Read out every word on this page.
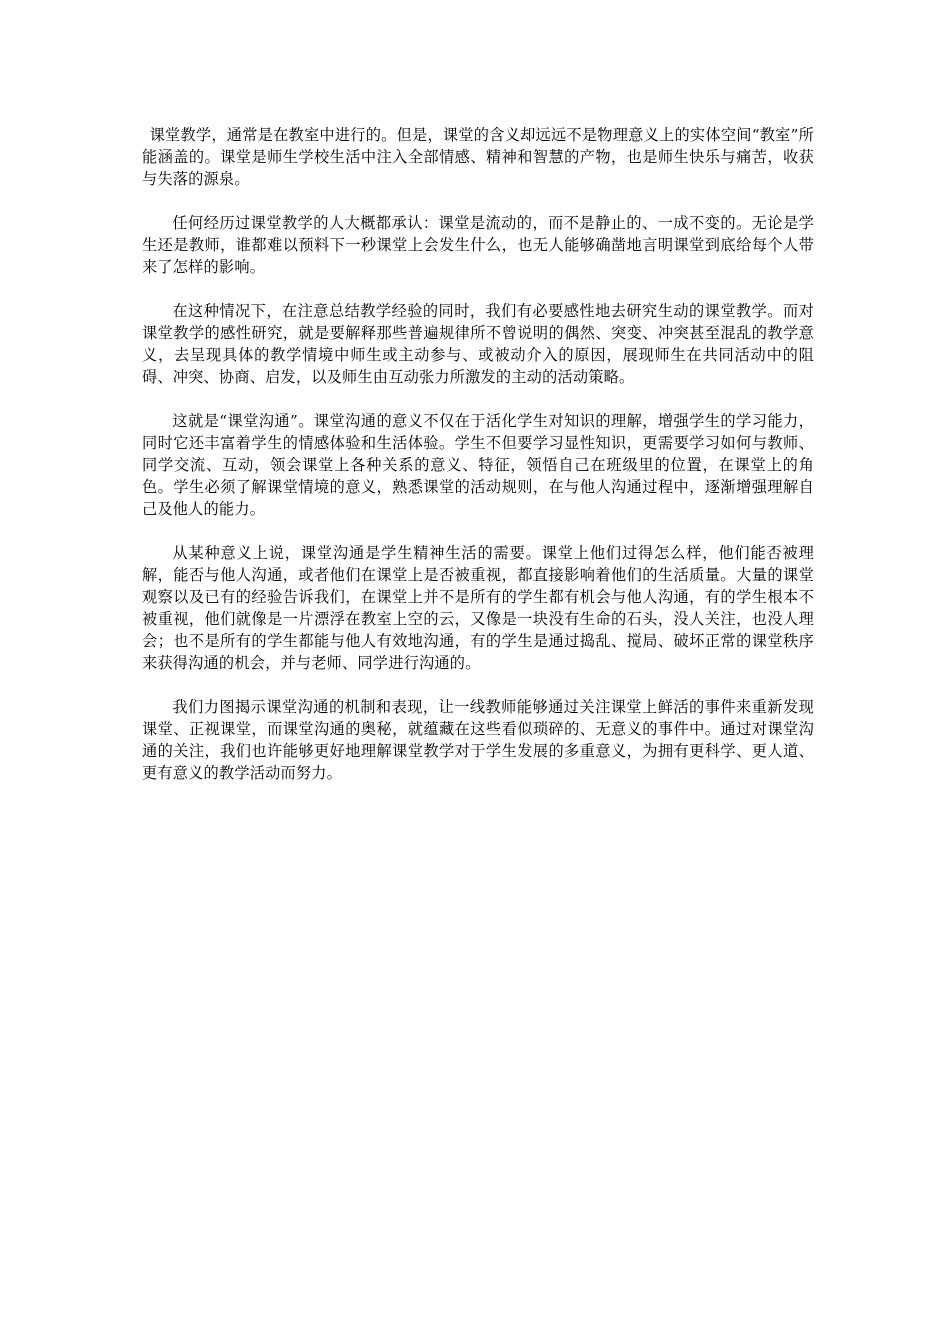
课堂教学，通常是在教室中进行的。但是，课堂的含义却远远不是物理意义上的实体空间“教室”所能涵盖的。课堂是师生学校生活中注入全部情感、精神和智慧的产物，也是师生快乐与痛苦，收获与失落的源泉。

任何经历过课堂教学的人大概都承认：课堂是流动的，而不是静止的、一成不变的。无论是学生还是教师，谁都难以预料下一秒课堂上会发生什么，也无人能够确凿地言明课堂到底给每个人带来了怎样的影响。

在这种情况下，在注意总结教学经验的同时，我们有必要感性地去研究生动的课堂教学。而对课堂教学的感性研究，就是要解释那些普遍规律所不曾说明的偶然、突变、冲突甚至混乱的教学意义，去呈现具体的教学情境中师生或主动参与、或被动介入的原因，展现师生在共同活动中的阻碍、冲突、协商、启发，以及师生由互动张力所激发的主动的活动策略。

这就是“课堂沟通”。课堂沟通的意义不仅在于活化学生对知识的理解，增强学生的学习能力，同时它还丰富着学生的情感体验和生活体验。学生不但要学习显性知识，更需要学习如何与教师、同学交流、互动，领会课堂上各种关系的意义、特征，领悟自己在班级里的位置，在课堂上的角色。学生必须了解课堂情境的意义，熟悉课堂的活动规则，在与他人沟通过程中，逐渐增强理解自己及他人的能力。

从某种意义上说，课堂沟通是学生精神生活的需要。课堂上他们过得怎么样，他们能否被理解，能否与他人沟通，或者他们在课堂上是否被重视，都直接影响着他们的生活质量。大量的课堂观察以及已有的经验告诉我们，在课堂上并不是所有的学生都有机会与他人沟通，有的学生根本不被重视，他们就像是一片漂浮在教室上空的云，又像是一块没有生命的石头，没人关注，也没人理会；也不是所有的学生都能与他人有效地沟通，有的学生是通过捣乱、搅局、破坏正常的课堂秩序来获得沟通的机会，并与老师、同学进行沟通的。

我们力图揭示课堂沟通的机制和表现，让一线教师能够通过关注课堂上鲜活的事件来重新发现课堂、正视课堂，而课堂沟通的奥秘，就蕴藏在这些看似琐碎的、无意义的事件中。通过对课堂沟通的关注，我们也许能够更好地理解课堂教学对于学生发展的多重意义，为拥有更科学、更人道、更有意义的教学活动而努力。
